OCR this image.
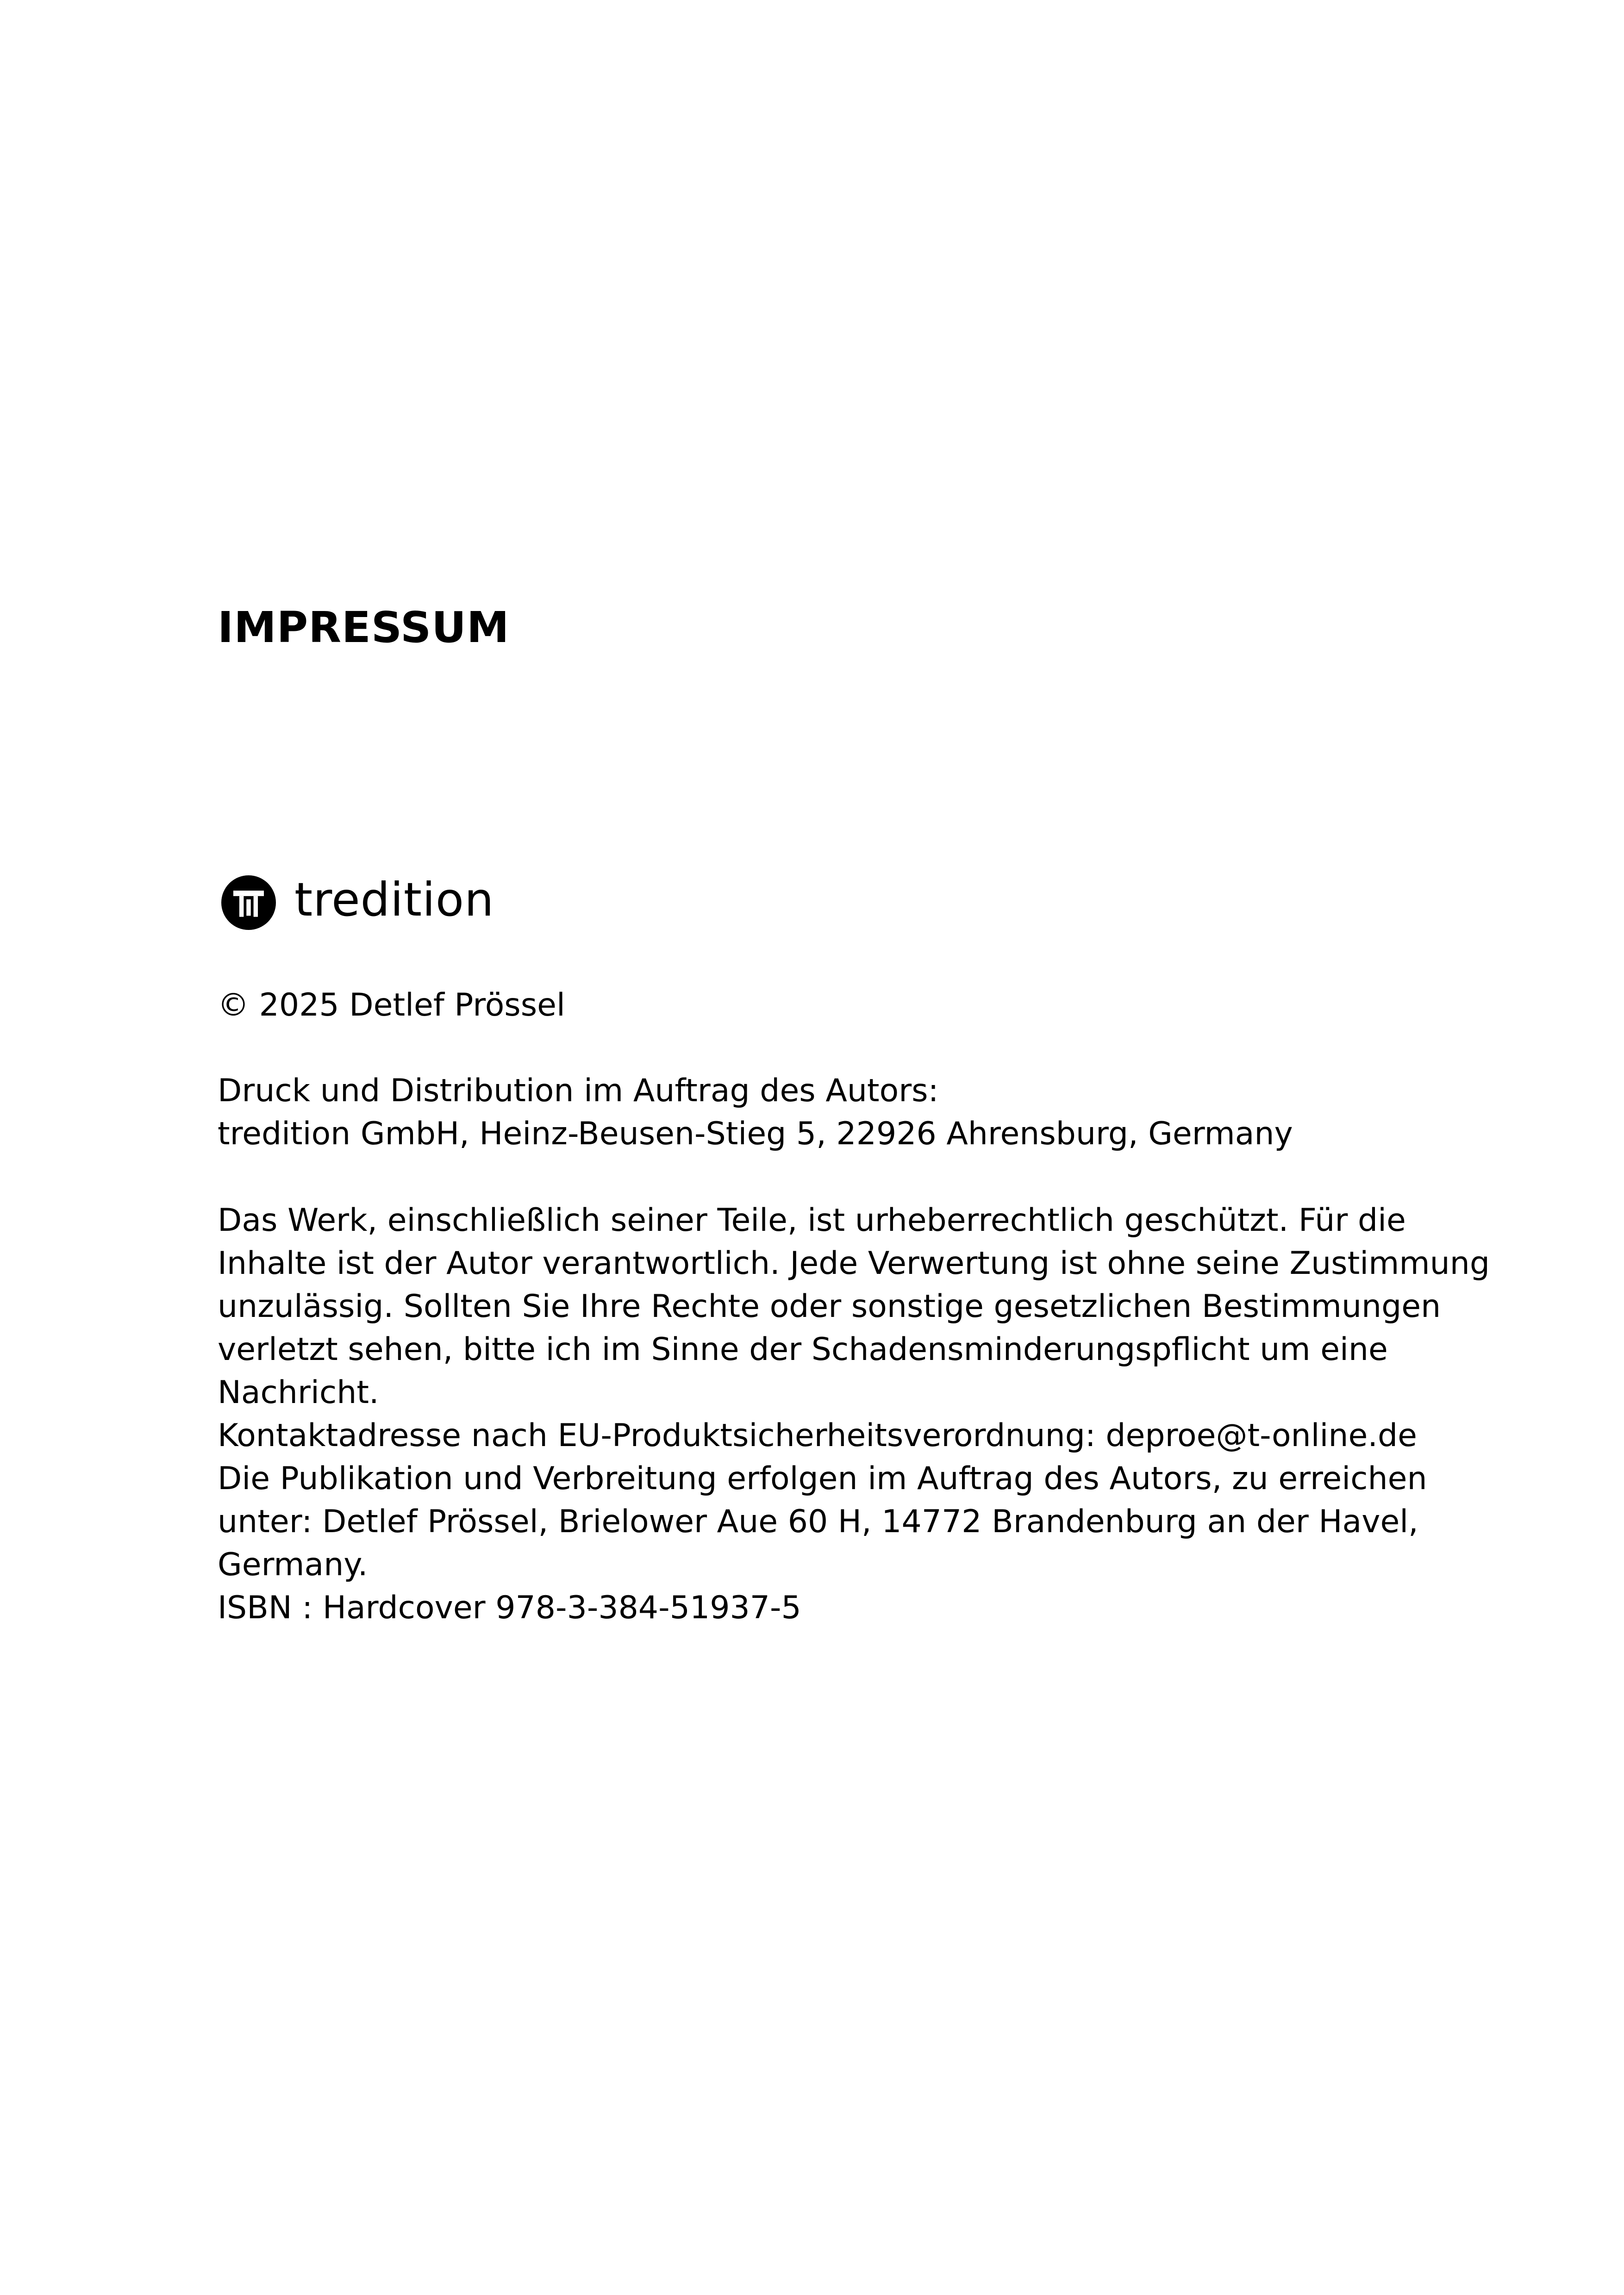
IMPRESSUM
tredition
© 2025 Detlef Prössel
Druck und Distribution im Auftrag des Autors:
tredition GmbH, Heinz-Beusen-Stieg 5, 22926 Ahrensburg, Germany
Das Werk, einschließlich seiner Teile, ist urheberrechtlich geschützt. Für die
Inhalte ist der Autor verantwortlich. Jede Verwertung ist ohne seine Zustimmung
unzulässig. Sollten Sie Ihre Rechte oder sonstige gesetzlichen Bestimmungen
verletzt sehen, bitte ich im Sinne der Schadensminderungspflicht um eine
Nachricht.
Kontaktadresse nach EU-Produktsicherheitsverordnung: deproe@t-online.de
Die Publikation und Verbreitung erfolgen im Auftrag des Autors, zu erreichen
unter: Detlef Prössel, Brielower Aue 60 H, 14772 Brandenburg an der Havel,
Germany.
ISBN : Hardcover 978-3-384-51937-5
